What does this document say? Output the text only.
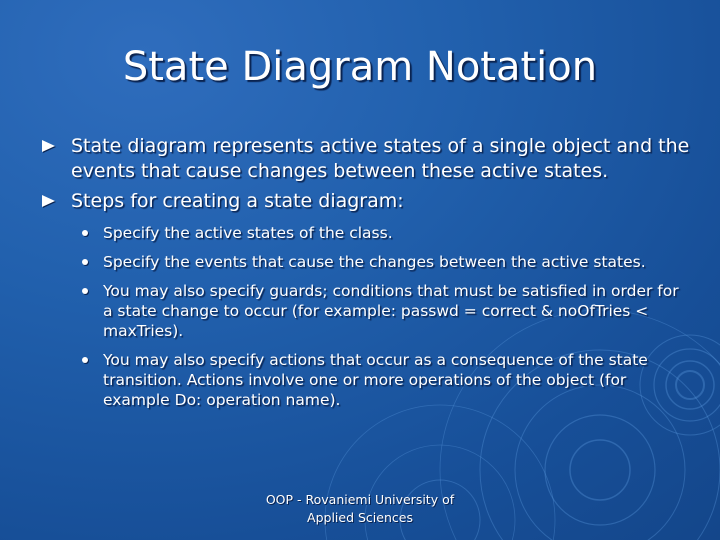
State Diagram Notation
State diagram represents active states of a single object and the events that cause changes between these active states.
Steps for creating a state diagram:
Specify the active states of the class.
Specify the events that cause the changes between the active states.
You may also specify guards; conditions that must be satisfied in order for a state change to occur (for example: passwd = correct & noOfTries < maxTries).
You may also specify actions that occur as a consequence of the state transition. Actions involve one or more operations of the object (for example Do: operation name).
OOP - Rovaniemi University of
Applied Sciences
